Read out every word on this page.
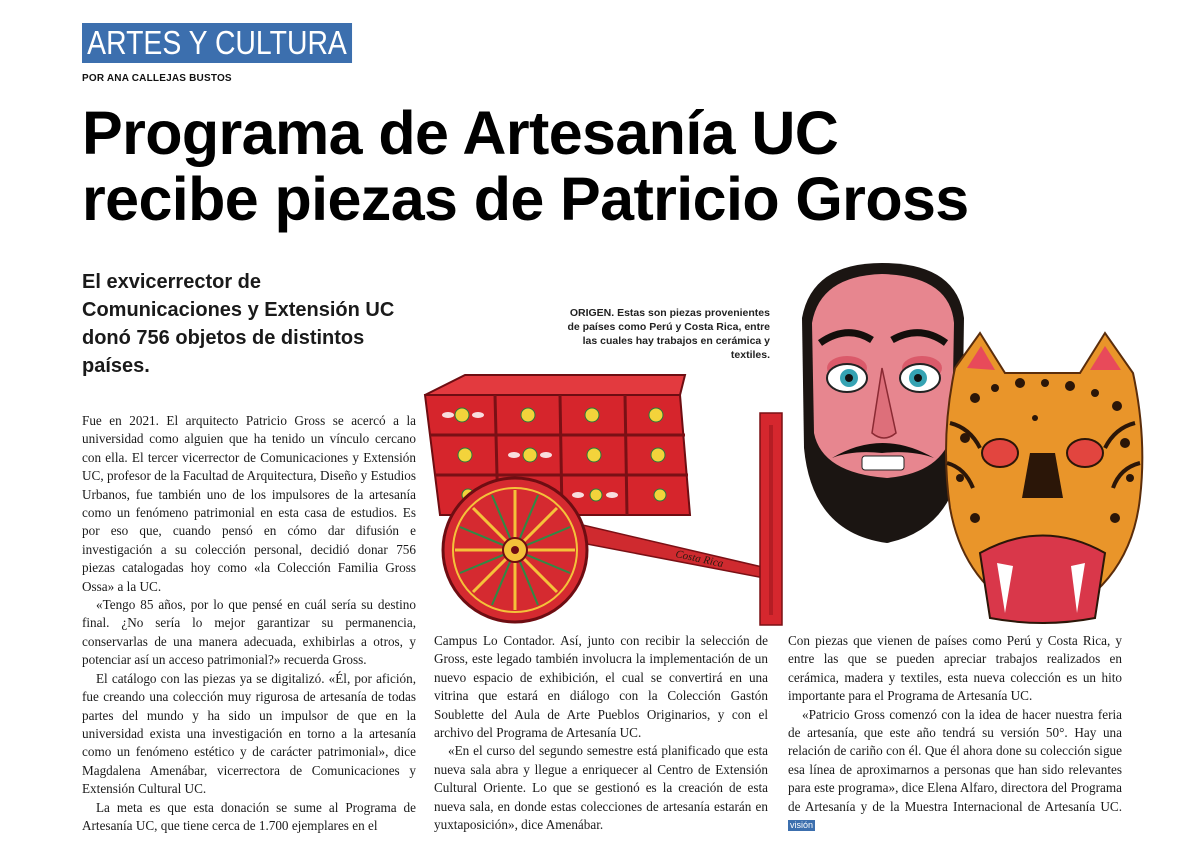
ARTES Y CULTURA
POR ANA CALLEJAS BUSTOS
Programa de Artesanía UC
recibe piezas de Patricio Gross
El exvicerrector de Comunicaciones y Extensión UC donó 756 objetos de distintos países.
ORIGEN. Estas son piezas provenientes de países como Perú y Costa Rica, entre las cuales hay trabajos en cerámica y textiles.
Costa Rica

Fue en 2021. El arquitecto Patricio Gross se acercó a la universidad como alguien que ha tenido un vínculo cercano con ella. El tercer vicerrector de Comunicaciones y Extensión UC, profesor de la Facultad de Arquitectura, Diseño y Estudios Urbanos, fue también uno de los impulsores de la artesanía como un fenómeno patrimonial en esta casa de estudios. Es por eso que, cuando pensó en cómo dar difusión e investigación a su colección personal, decidió donar 756 piezas catalogadas hoy como «la Colección Familia Gross Ossa» a la UC.

«Tengo 85 años, por lo que pensé en cuál sería su destino final. ¿No sería lo mejor garantizar su permanencia, conservarlas de una manera adecuada, exhibirlas a otros, y potenciar así un acceso patrimonial?» recuerda Gross.

El catálogo con las piezas ya se digitalizó. «Él, por afición, fue creando una colección muy rigurosa de artesanía de todas partes del mundo y ha sido un impulsor de que en la universidad exista una investigación en torno a la artesanía como un fenómeno estético y de carácter patrimonial», dice Magdalena Amenábar, vicerrectora de Comunicaciones y Extensión Cultural UC.

La meta es que esta donación se sume al Programa de Artesanía UC, que tiene cerca de 1.700 ejemplares en el

Campus Lo Contador. Así, junto con recibir la selección de Gross, este legado también involucra la implementación de un nuevo espacio de exhibición, el cual se convertirá en una vitrina que estará en diálogo con la Colección Gastón Soublette del Aula de Arte Pueblos Originarios, y con el archivo del Programa de Artesanía UC.

«En el curso del segundo semestre está planificado que esta nueva sala abra y llegue a enriquecer al Centro de Extensión Cultural Oriente. Lo que se gestionó es la creación de esta nueva sala, en donde estas colecciones de artesanía estarán en yuxtaposición», dice Amenábar.

Con piezas que vienen de países como Perú y Costa Rica, y entre las que se pueden apreciar trabajos realizados en cerámica, madera y textiles, esta nueva colección es un hito importante para el Programa de Artesanía UC.

«Patricio Gross comenzó con la idea de hacer nuestra feria de artesanía, que este año tendrá su versión 50°. Hay una relación de cariño con él. Que él ahora done su colección sigue esa línea de aproximarnos a personas que han sido relevantes para este programa», dice Elena Alfaro, directora del Programa de Artesanía y de la Muestra Internacional de Artesanía UC. visión
